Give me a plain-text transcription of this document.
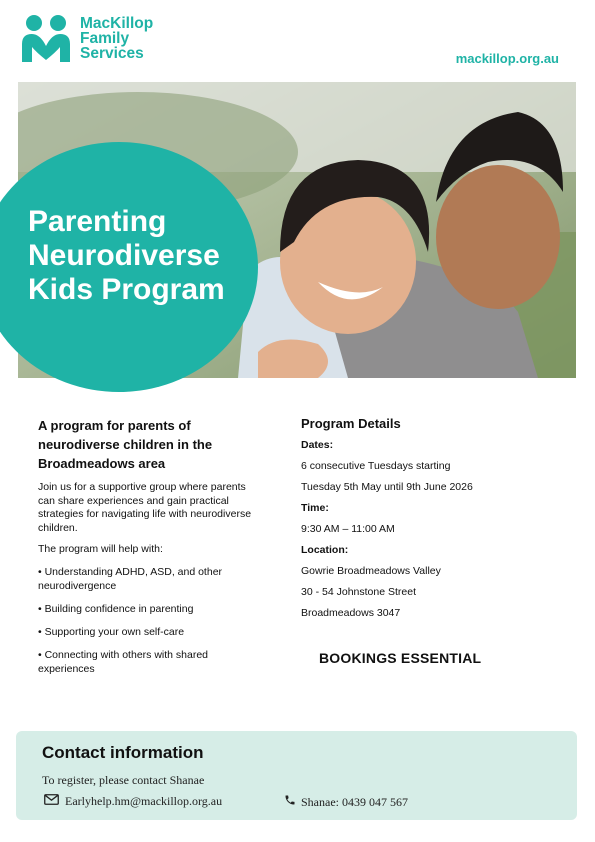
MacKillop
Family
Services	mackillop.org.au
Parenting
Neurodiverse
Kids Program
A program for parents of neurodiverse children in the Broadmeadows area
Join us for a supportive group where parents can share experiences and gain practical strategies for navigating life with neurodiverse children.
The program will help with:
• Understanding ADHD, ASD, and other neurodivergence
• Building confidence in parenting
• Supporting your own self-care
• Connecting with others with shared experiences
Program Details
Dates:
6 consecutive Tuesdays starting
Tuesday 5th May until 9th June 2026
Time:
9:30 AM – 11:00 AM
Location:
Gowrie Broadmeadows Valley
30 - 54 Johnstone Street
Broadmeadows 3047
BOOKINGS ESSENTIAL
Contact information
To register, please contact Shanae
Earlyhelp.hm@mackillop.org.au	Shanae: 0439 047 567
